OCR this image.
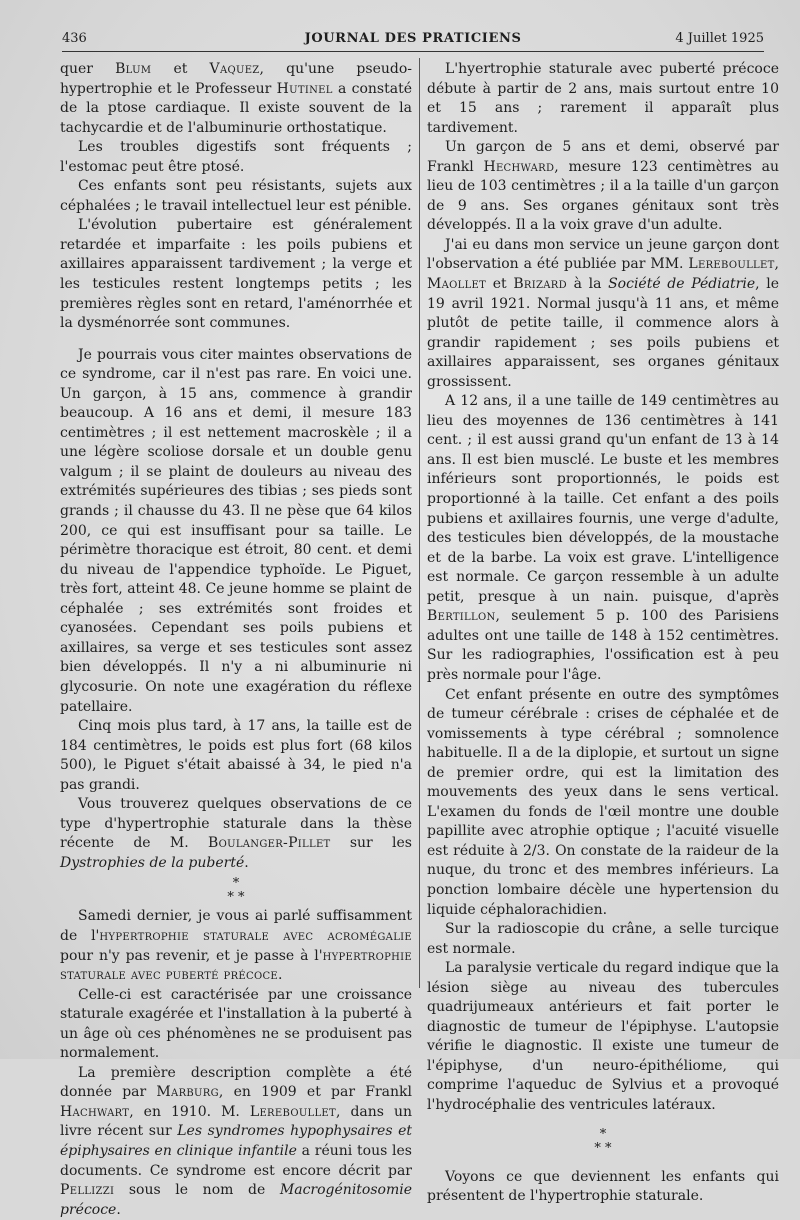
436	JOURNAL DES PRATICIENS	4 Juillet 1925

quer Blum et Vaquez, qu'une pseudo-hypertrophie et le Professeur Hutinel a constaté de la ptose cardiaque. Il existe souvent de la tachycardie et de l'albuminurie orthostatique.

Les troubles digestifs sont fréquents ; l'estomac peut être ptosé.

Ces enfants sont peu résistants, sujets aux céphalées ; le travail intellectuel leur est pénible.

L'évolution pubertaire est généralement retardée et imparfaite : les poils pubiens et axillaires apparaissent tardivement ; la verge et les testicules restent longtemps petits ; les premières règles sont en retard, l'aménorrhée et la dysménorrée sont communes.

Je pourrais vous citer maintes observations de ce syndrome, car il n'est pas rare. En voici une. Un garçon, à 15 ans, commence à grandir beaucoup. A 16 ans et demi, il mesure 183 centimètres ; il est nettement macroskèle ; il a une légère scoliose dorsale et un double genu valgum ; il se plaint de douleurs au niveau des extrémités supérieures des tibias ; ses pieds sont grands ; il chausse du 43. Il ne pèse que 64 kilos 200, ce qui est insuffisant pour sa taille. Le périmètre thoracique est étroit, 80 cent. et demi du niveau de l'appendice typhoïde. Le Piguet, très fort, atteint 48. Ce jeune homme se plaint de céphalée ; ses extrémités sont froides et cyanosées. Cependant ses poils pubiens et axillaires, sa verge et ses testicules sont assez bien développés. Il n'y a ni albuminurie ni glycosurie. On note une exagération du réflexe patellaire.

Cinq mois plus tard, à 17 ans, la taille est de 184 centimètres, le poids est plus fort (68 kilos 500), le Piguet s'était abaissé à 34, le pied n'a pas grandi.

Vous trouverez quelques observations de ce type d'hypertrophie staturale dans la thèse récente de M. Boulanger-Pillet sur les Dystrophies de la puberté.

*
* *

Samedi dernier, je vous ai parlé suffisamment de l'hypertrophie staturale avec acromégalie pour n'y pas revenir, et je passe à l'hypertrophie staturale avec puberté précoce.

Celle-ci est caractérisée par une croissance staturale exagérée et l'installation à la puberté à un âge où ces phénomènes ne se produisent pas normalement.

La première description complète a été donnée par Marburg, en 1909 et par Frankl Hachwart, en 1910. M. Lereboullet, dans un livre récent sur Les syndromes hypophysaires et épiphysaires en clinique infantile a réuni tous les documents. Ce syndrome est encore décrit par Pellizzi sous le nom de Macrogénitosomie précoce.

L'hyertrophie staturale avec puberté précoce débute à partir de 2 ans, mais surtout entre 10 et 15 ans ; rarement il apparaît plus tardivement.

Un garçon de 5 ans et demi, observé par Frankl Hechward, mesure 123 centimètres au lieu de 103 centimètres ; il a la taille d'un garçon de 9 ans. Ses organes génitaux sont très développés. Il a la voix grave d'un adulte.

J'ai eu dans mon service un jeune garçon dont l'observation a été publiée par MM. Lereboullet, Maollet et Brizard à la Société de Pédiatrie, le 19 avril 1921. Normal jusqu'à 11 ans, et même plutôt de petite taille, il commence alors à grandir rapidement ; ses poils pubiens et axillaires apparaissent, ses organes génitaux grossissent.

A 12 ans, il a une taille de 149 centimètres au lieu des moyennes de 136 centimètres à 141 cent. ; il est aussi grand qu'un enfant de 13 à 14 ans. Il est bien musclé. Le buste et les membres inférieurs sont proportionnés, le poids est proportionné à la taille. Cet enfant a des poils pubiens et axillaires fournis, une verge d'adulte, des testicules bien développés, de la moustache et de la barbe. La voix est grave. L'intelligence est normale. Ce garçon ressemble à un adulte petit, presque à un nain. puisque, d'après Bertillon, seulement 5 p. 100 des Parisiens adultes ont une taille de 148 à 152 centimètres. Sur les radiographies, l'ossification est à peu près normale pour l'âge.

Cet enfant présente en outre des symptômes de tumeur cérébrale : crises de céphalée et de vomissements à type cérébral ; somnolence habituelle. Il a de la diplopie, et surtout un signe de premier ordre, qui est la limitation des mouvements des yeux dans le sens vertical. L'examen du fonds de l'œil montre une double papillite avec atrophie optique ; l'acuité visuelle est réduite à 2/3. On constate de la raideur de la nuque, du tronc et des membres inférieurs. La ponction lombaire décèle une hypertension du liquide céphalorachidien.

Sur la radioscopie du crâne, a selle turcique est normale.

La paralysie verticale du regard indique que la lésion siège au niveau des tubercules quadrijumeaux antérieurs et fait porter le diagnostic de tumeur de l'épiphyse. L'autopsie vérifie le diagnostic. Il existe une tumeur de l'épiphyse, d'un neuro-épithéliome, qui comprime l'aqueduc de Sylvius et a provoqué l'hydrocéphalie des ventricules latéraux.

*
* *

Voyons ce que deviennent les enfants qui présentent de l'hypertrophie staturale.
